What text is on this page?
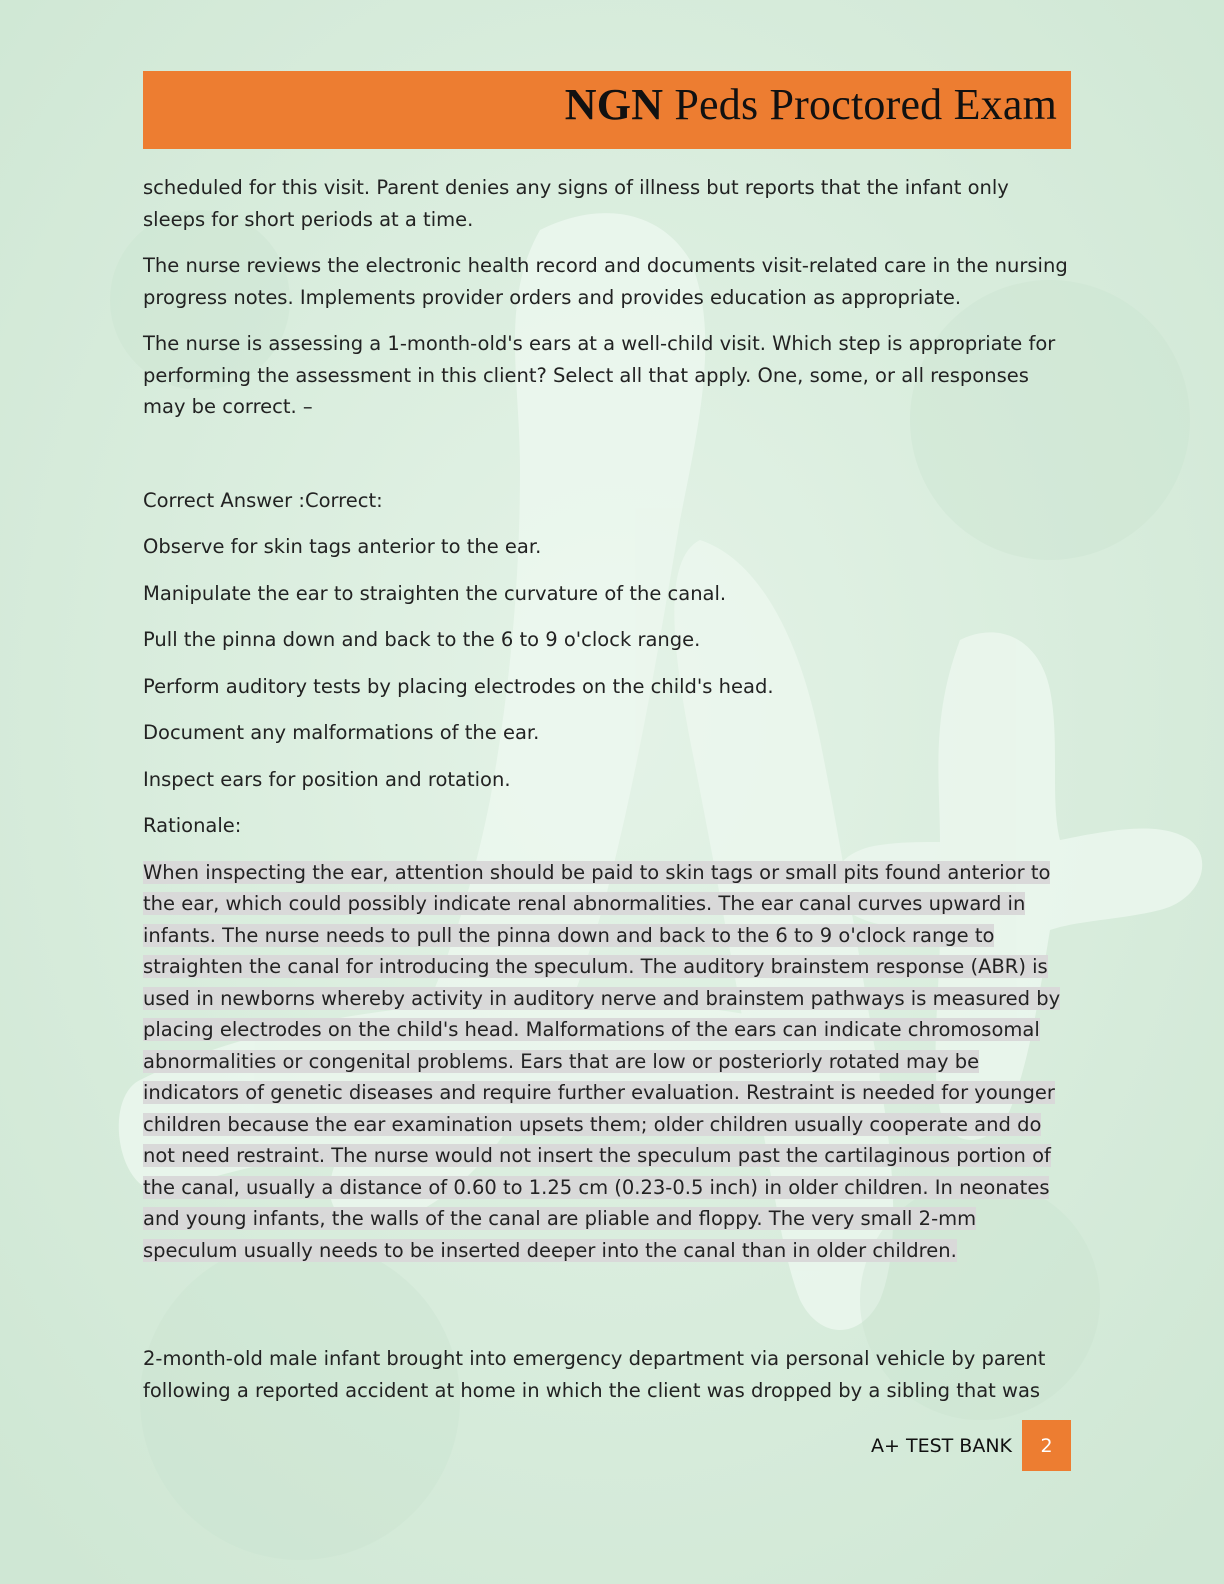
NGN Peds Proctored Exam

scheduled for this visit. Parent denies any signs of illness but reports that the infant only sleeps for short periods at a time.

The nurse reviews the electronic health record and documents visit-related care in the nursing progress notes. Implements provider orders and provides education as appropriate.

The nurse is assessing a 1-month-old's ears at a well-child visit. Which step is appropriate for performing the assessment in this client? Select all that apply. One, some, or all responses may be correct. –

Correct Answer :Correct:

Observe for skin tags anterior to the ear.

Manipulate the ear to straighten the curvature of the canal.

Pull the pinna down and back to the 6 to 9 o'clock range.

Perform auditory tests by placing electrodes on the child's head.

Document any malformations of the ear.

Inspect ears for position and rotation.

Rationale:

When inspecting the ear, attention should be paid to skin tags or small pits found anterior to the ear, which could possibly indicate renal abnormalities. The ear canal curves upward in infants. The nurse needs to pull the pinna down and back to the 6 to 9 o'clock range to straighten the canal for introducing the speculum. The auditory brainstem response (ABR) is used in newborns whereby activity in auditory nerve and brainstem pathways is measured by placing electrodes on the child's head. Malformations of the ears can indicate chromosomal abnormalities or congenital problems. Ears that are low or posteriorly rotated may be indicators of genetic diseases and require further evaluation. Restraint is needed for younger children because the ear examination upsets them; older children usually cooperate and do not need restraint. The nurse would not insert the speculum past the cartilaginous portion of the canal, usually a distance of 0.60 to 1.25 cm (0.23-0.5 inch) in older children. In neonates and young infants, the walls of the canal are pliable and floppy. The very small 2-mm speculum usually needs to be inserted deeper into the canal than in older children.

2-month-old male infant brought into emergency department via personal vehicle by parent following a reported accident at home in which the client was dropped by a sibling that was

A+ TEST BANK 2
